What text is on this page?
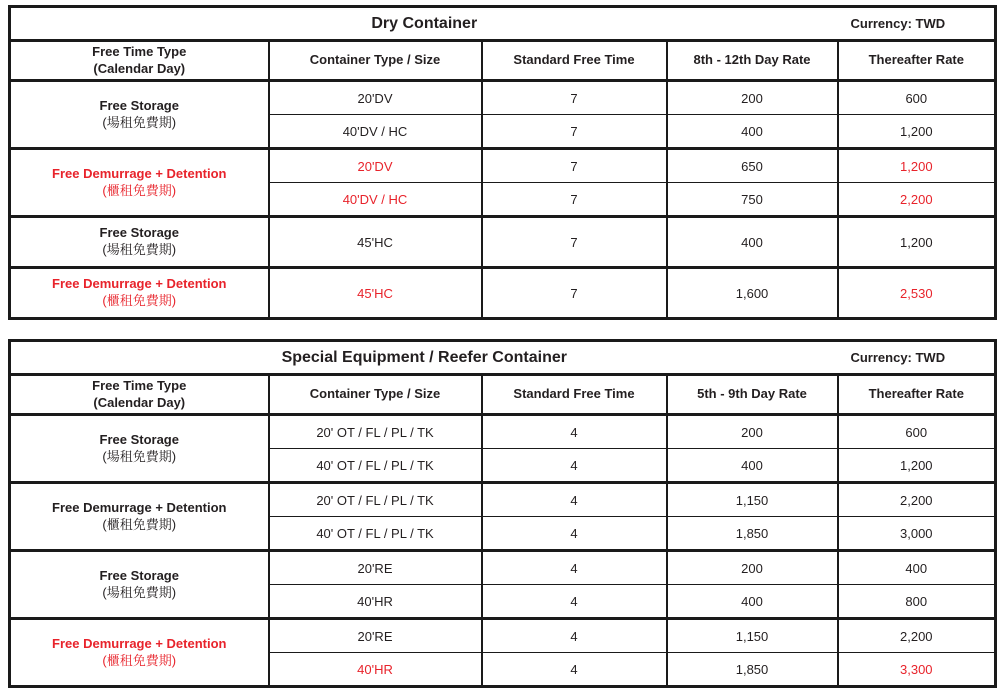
Dry Container				Currency: TWD

Free Time Type
(Calendar Day)	Container Type / Size	Standard Free Time	8th - 12th Day Rate	Thereafter Rate

Free Storage
(場租免費期)	20'DV	7	200	600
	40'DV / HC	7	400	1,200

Free Demurrage + Detention
(櫃租免費期)	20'DV	7	650	1,200
	40'DV / HC	7	750	2,200

Free Storage
(場租免費期)	45'HC	7	400	1,200

Free Demurrage + Detention
(櫃租免費期)	45'HC	7	1,600	2,530
Special Equipment / Reefer Container				Currency: TWD

Free Time Type
(Calendar Day)	Container Type / Size	Standard Free Time	5th - 9th Day Rate	Thereafter Rate

Free Storage
(場租免費期)	20' OT / FL / PL / TK	4	200	600
	40' OT / FL / PL / TK	4	400	1,200

Free Demurrage + Detention
(櫃租免費期)	20' OT / FL / PL / TK	4	1,150	2,200
	40' OT / FL / PL / TK	4	1,850	3,000

Free Storage
(場租免費期)	20'RE	4	200	400
	40'HR	4	400	800

Free Demurrage + Detention
(櫃租免費期)	20'RE	4	1,150	2,200
	40'HR	4	1,850	3,300
